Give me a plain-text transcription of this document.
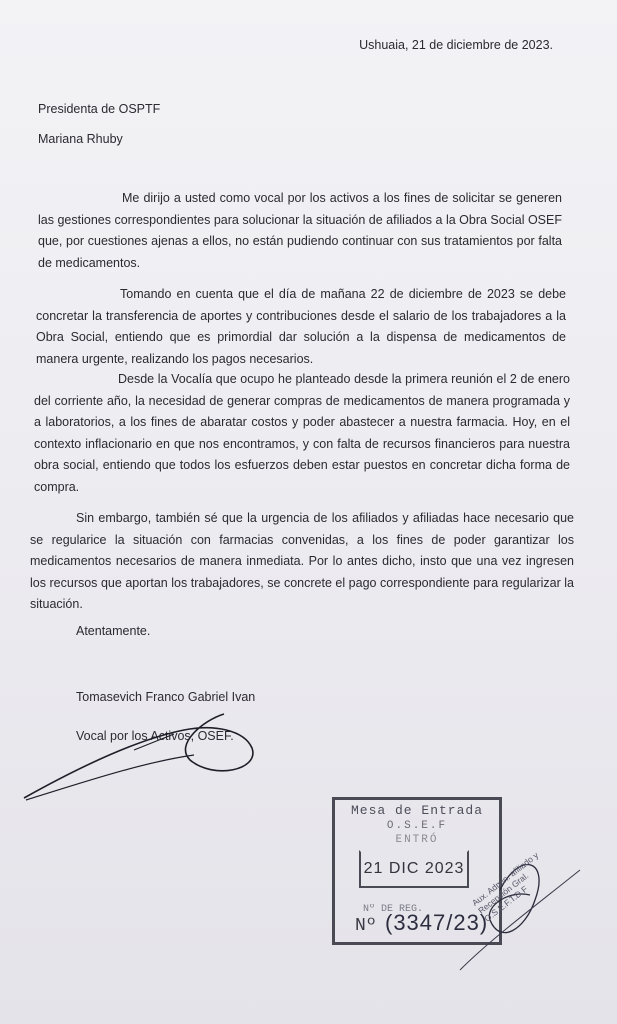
Ushuaia, 21 de diciembre de 2023.
Presidenta de OSPTF
Mariana Rhuby

Me dirijo a usted como vocal por los activos a los fines de solicitar se generen las gestiones correspondientes para solucionar la situación de afiliados a la Obra Social OSEF que, por cuestiones ajenas a ellos, no están pudiendo continuar con sus tratamientos por falta de medicamentos.

Tomando en cuenta que el día de mañana 22 de diciembre de 2023 se debe concretar la transferencia de aportes y contribuciones desde el salario de los trabajadores a la Obra Social, entiendo que es primordial dar solución a la dispensa de medicamentos de manera urgente, realizando los pagos necesarios.

Desde la Vocalía que ocupo he planteado desde la primera reunión el 2 de enero del corriente año, la necesidad de generar compras de medicamentos de manera programada y a laboratorios, a los fines de abaratar costos y poder abastecer a nuestra farmacia. Hoy, en el contexto inflacionario en que nos encontramos, y con falta de recursos financieros para nuestra obra social, entiendo que todos los esfuerzos deben estar puestos en concretar dicha forma de compra.

Sin embargo, también sé que la urgencia de los afiliados y afiliadas hace necesario que se regularice la situación con farmacias convenidas, a los fines de poder garantizar los medicamentos necesarios de manera inmediata. Por lo antes dicho, insto que una vez ingresen los recursos que aportan los trabajadores, se concrete el pago correspondiente para regularizar la situación.

Atentamente.
Tomasevich Franco Gabriel Ivan
Vocal por los Activos, OSEF.
Mesa de Entrada
O.S.E.F
ENTRÓ
21 DIC 2023
Nº DE REG.
Nº (3347/23)
Aux. Admin. afiliado y Recepción Gral. O.S.E.F.T.D.F
